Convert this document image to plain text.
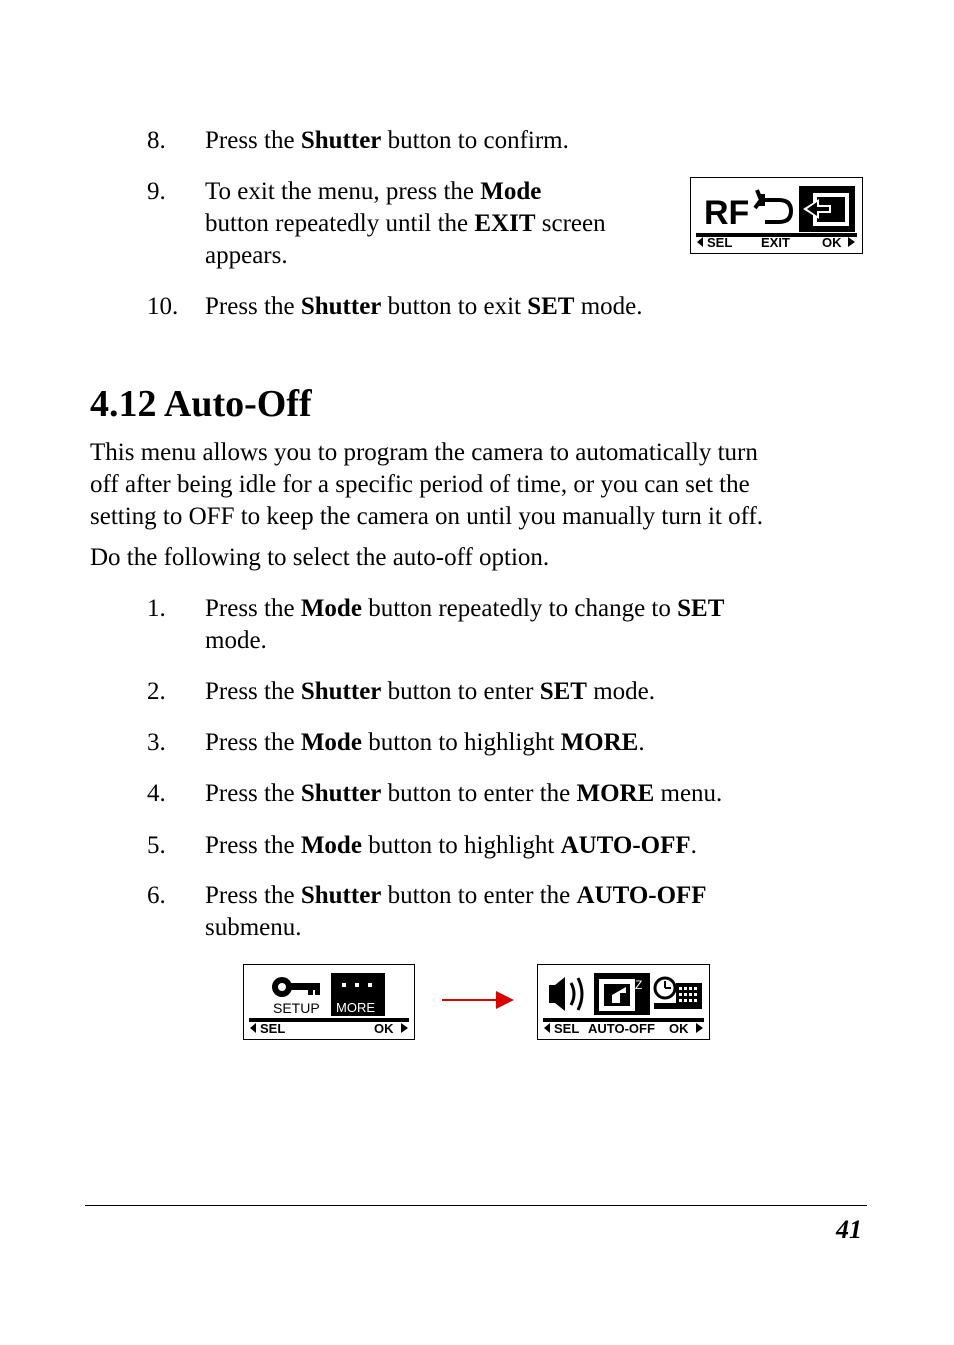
8. Press the Shutter button to confirm.
9. To exit the menu, press the Mode
button repeatedly until the EXIT screen
appears.
10. Press the Shutter button to exit SET mode.
RF
SEL EXIT OK
4.12 Auto-Off
This menu allows you to program the camera to automatically turn
off after being idle for a specific period of time, or you can set the
setting to OFF to keep the camera on until you manually turn it off.
Do the following to select the auto-off option.
1. Press the Mode button repeatedly to change to SET
mode.
2. Press the Shutter button to enter SET mode.
3. Press the Mode button to highlight MORE.
4. Press the Shutter button to enter the MORE menu.
5. Press the Mode button to highlight AUTO-OFF.
6. Press the Shutter button to enter the AUTO-OFF
submenu.
SETUP MORE
SEL	OK
Z
SEL AUTO-OFF OK
41
